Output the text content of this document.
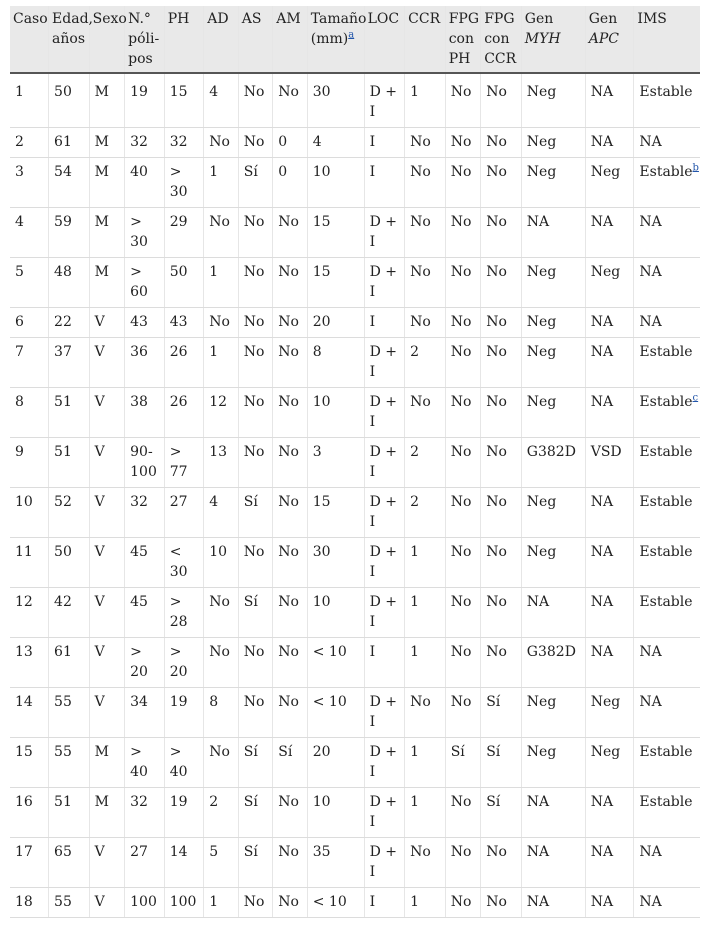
Caso	Edad, años	Sexo	N.° póli-pos	PH	AD	AS	AM	Tamaño (mm)$^a$	LOC	CCR	FPG con PH	FPG con CCR	Gen MYH	Gen APC	IMS
1	50	M	19	15	4	No	No	30	D + I	1	No	No	Neg	NA	Estable
2	61	M	32	32	No	No	0	4	I	No	No	No	Neg	NA	NA
3	54	M	40	> 30	1	Sí	0	10	I	No	No	No	Neg	Neg	Estable$^b$
4	59	M	> 30	29	No	No	No	15	D + I	No	No	No	NA	NA	NA
5	48	M	> 60	50	1	No	No	15	D + I	No	No	No	Neg	Neg	NA
6	22	V	43	43	No	No	No	20	I	No	No	No	Neg	NA	NA
7	37	V	36	26	1	No	No	8	D + I	2	No	No	Neg	NA	Estable
8	51	V	38	26	12	No	No	10	D + I	No	No	No	Neg	NA	Estable$^c$
9	51	V	90-100	> 77	13	No	No	3	D + I	2	No	No	G382D	VSD	Estable
10	52	V	32	27	4	Sí	No	15	D + I	2	No	No	Neg	NA	Estable
11	50	V	45	< 30	10	No	No	30	D + I	1	No	No	Neg	NA	Estable
12	42	V	45	> 28	No	Sí	No	10	D + I	1	No	No	NA	NA	Estable
13	61	V	> 20	> 20	No	No	No	< 10	I	1	No	No	G382D	NA	NA
14	55	V	34	19	8	No	No	< 10	D + I	No	No	Sí	Neg	Neg	NA
15	55	M	> 40	> 40	No	Sí	Sí	20	D + I	1	Sí	Sí	Neg	Neg	Estable
16	51	M	32	19	2	Sí	No	10	D + I	1	No	Sí	NA	NA	Estable
17	65	V	27	14	5	Sí	No	35	D + I	No	No	No	NA	NA	NA
18	55	V	100	100	1	No	No	< 10	I	1	No	No	NA	NA	NA
